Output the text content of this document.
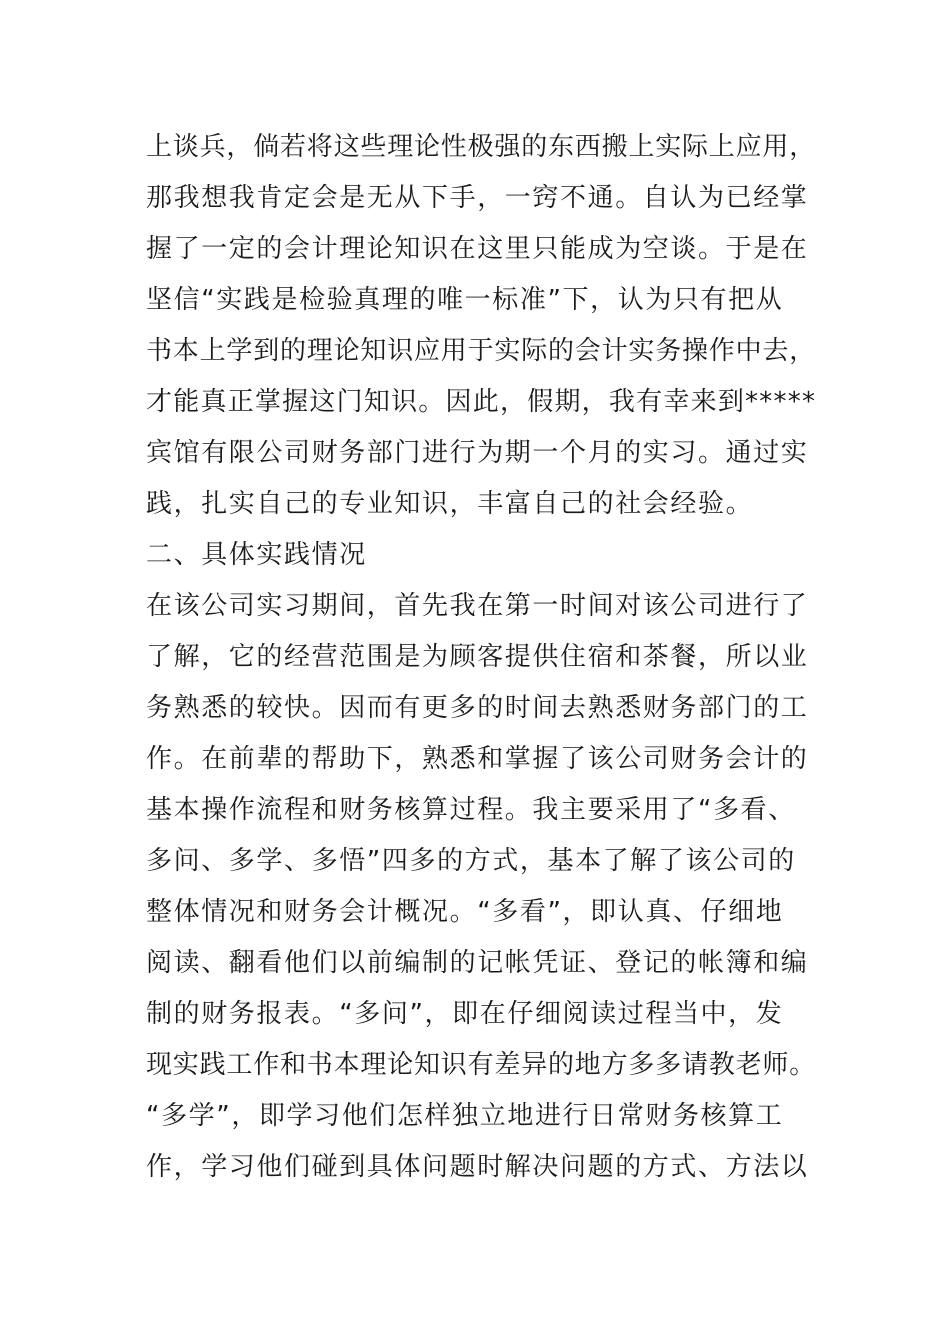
上谈兵，倘若将这些理论性极强的东西搬上实际上应用，
那我想我肯定会是无从下手，一窍不通。自认为已经掌
握了一定的会计理论知识在这里只能成为空谈。于是在
坚信“实践是检验真理的唯一标准”下，认为只有把从
书本上学到的理论知识应用于实际的会计实务操作中去，
才能真正掌握这门知识。因此，假期，我有幸来到*****
宾馆有限公司财务部门进行为期一个月的实习。通过实
践，扎实自己的专业知识，丰富自己的社会经验。
二、具体实践情况
在该公司实习期间，首先我在第一时间对该公司进行了
了解，它的经营范围是为顾客提供住宿和茶餐，所以业
务熟悉的较快。因而有更多的时间去熟悉财务部门的工
作。在前辈的帮助下，熟悉和掌握了该公司财务会计的
基本操作流程和财务核算过程。我主要采用了“多看、
多问、多学、多悟”四多的方式，基本了解了该公司的
整体情况和财务会计概况。“多看”，即认真、仔细地
阅读、翻看他们以前编制的记帐凭证、登记的帐簿和编
制的财务报表。“多问”，即在仔细阅读过程当中，发
现实践工作和书本理论知识有差异的地方多多请教老师。
“多学”，即学习他们怎样独立地进行日常财务核算工
作，学习他们碰到具体问题时解决问题的方式、方法以
